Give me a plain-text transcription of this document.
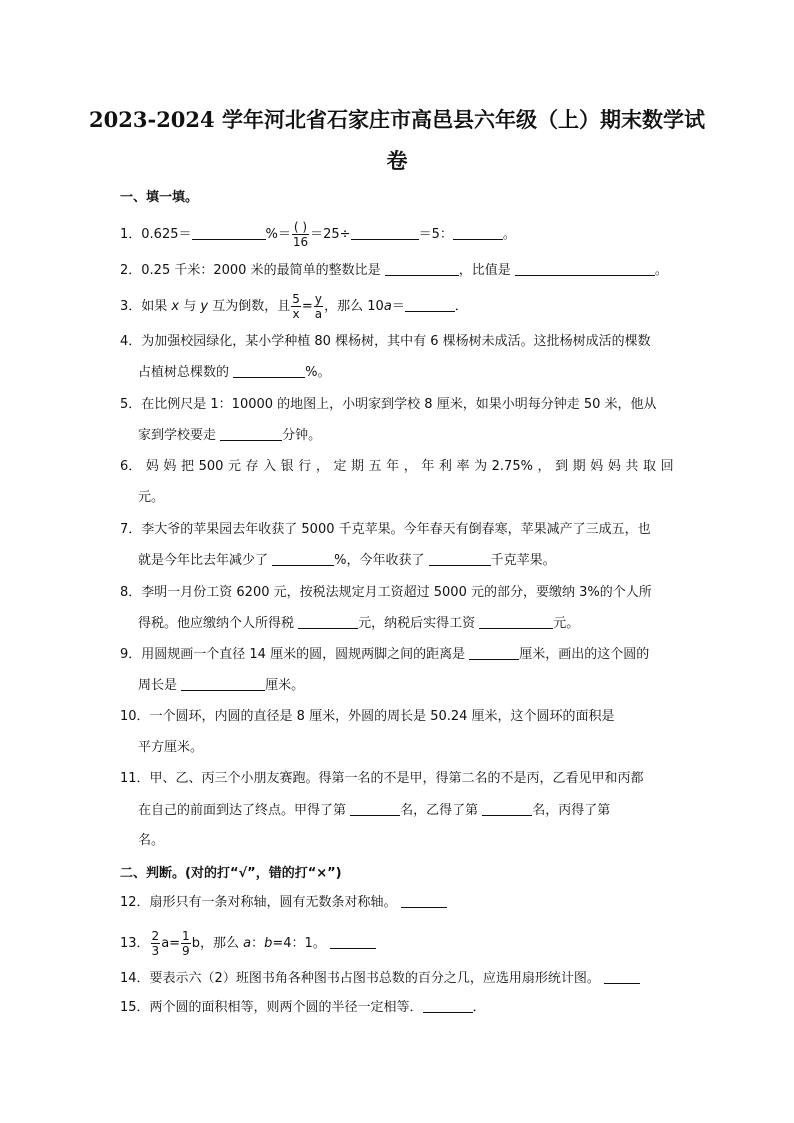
2023-2024 学年河北省石家庄市高邑县六年级（上）期末数学试
卷
一、填一填。
1．0.625＝	%＝ $\frac{( )}{16} =25\div$	＝5：	。
2．0.25 千米：2000 米的最简单的整数比是	，比值是	。
3．如果 x 与 y 互为倒数，且 $\frac{5}{x} = \frac{y}{a}$ ，那么 10a＝	．
4．为加强校园绿化，某小学种植 80 棵杨树，其中有 6 棵杨树未成活。这批杨树成活的棵数
占植树总棵数的	%。
5．在比例尺是 1：10000 的地图上，小明家到学校 8 厘米，如果小明每分钟走 50 米，他从
家到学校要走	分钟。
6． 妈 妈 把 500 元 存 入 银 行 ， 定 期 五 年 ， 年 利 率 为 2.75% ， 到 期 妈 妈 共 取 回
元。
7．李大爷的苹果园去年收获了 5000 千克苹果。今年春天有倒春寒，苹果减产了三成五，也
就是今年比去年减少了	%，今年收获了	千克苹果。
8．李明一月份工资 6200 元，按税法规定月工资超过 5000 元的部分，要缴纳 3%的个人所
得税。他应缴纳个人所得税	元，纳税后实得工资	元。
9．用圆规画一个直径 14 厘米的圆，圆规两脚之间的距离是	厘米，画出的这个圆的
周长是	厘米。
10．一个圆环，内圆的直径是 8 厘米，外圆的周长是 50.24 厘米，这个圆环的面积是
平方厘米。
11．甲、乙、丙三个小朋友赛跑。得第一名的不是甲，得第二名的不是丙，乙看见甲和丙都
在自己的前面到达了终点。甲得了第	名，乙得了第	名，丙得了第
名。
二、判断。(对的打“√”，错的打“×”)
12．扇形只有一条对称轴，圆有无数条对称轴。
13． $\frac{2}{3} a= \frac{1}{9}$ b，那么 a：b=4：1。
14．要表示六（2）班图书角各种图书占图书总数的百分之几，应选用扇形统计图。
15．两个圆的面积相等，则两个圆的半径一定相等．	．
